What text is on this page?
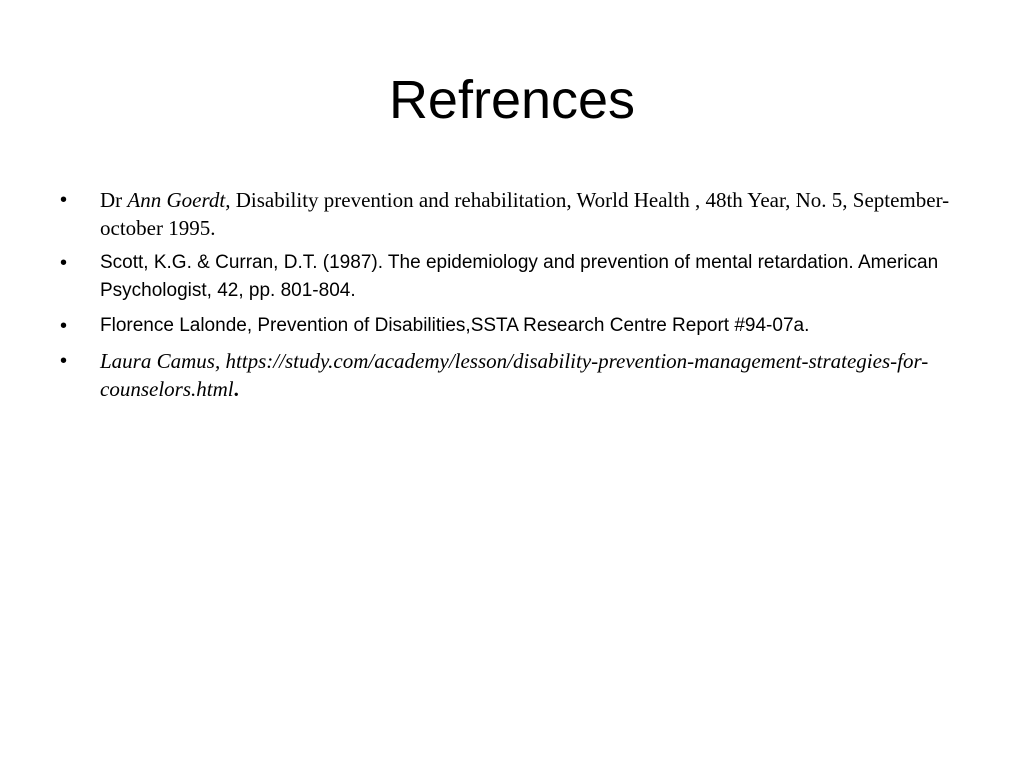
Refrences
• Dr Ann Goerdt, Disability prevention and rehabilitation, World Health , 48th Year, No. 5, September-october 1995.
• Scott, K.G. & Curran, D.T. (1987). The epidemiology and prevention of mental retardation. American Psychologist, 42, pp. 801-804.
• Florence Lalonde, Prevention of Disabilities,SSTA Research Centre Report #94-07a.
• Laura Camus, https://study.com/academy/lesson/disability-prevention-management-strategies-for-counselors.html.
